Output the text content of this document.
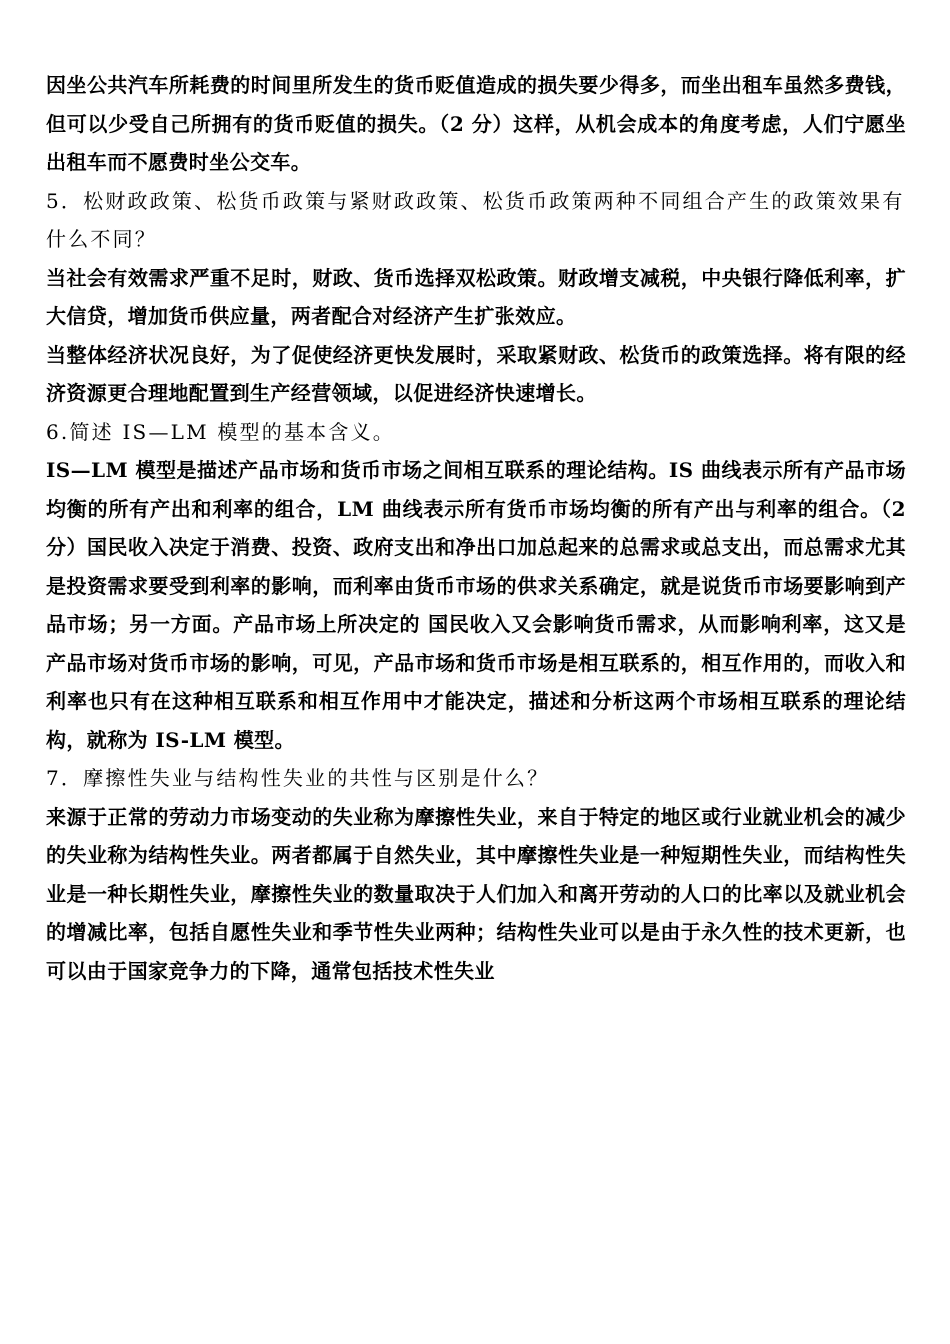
因坐公共汽车所耗费的时间里所发生的货币贬值造成的损失要少得多，而坐出租车虽然多费钱，但可以少受自己所拥有的货币贬值的损失。（2 分）这样，从机会成本的角度考虑，人们宁愿坐出租车而不愿费时坐公交车。

5．松财政政策、松货币政策与紧财政政策、松货币政策两种不同组合产生的政策效果有什么不同？

当社会有效需求严重不足时，财政、货币选择双松政策。财政增支减税，中央银行降低利率，扩大信贷，增加货币供应量，两者配合对经济产生扩张效应。

当整体经济状况良好，为了促使经济更快发展时，采取紧财政、松货币的政策选择。将有限的经济资源更合理地配置到生产经营领域，以促进经济快速增长。

6.简述 IS—LM 模型的基本含义。

IS—LM 模型是描述产品市场和货币市场之间相互联系的理论结构。IS 曲线表示所有产品市场均衡的所有产出和利率的组合，LM 曲线表示所有货币市场均衡的所有产出与利率的组合。（2 分）国民收入决定于消费、投资、政府支出和净出口加总起来的总需求或总支出，而总需求尤其是投资需求要受到利率的影响，而利率由货币市场的供求关系确定，就是说货币市场要影响到产品市场；另一方面。产品市场上所决定的 国民收入又会影响货币需求，从而影响利率，这又是产品市场对货币市场的影响，可见，产品市场和货币市场是相互联系的，相互作用的，而收入和利率也只有在这种相互联系和相互作用中才能决定，描述和分析这两个市场相互联系的理论结构，就称为 IS-LM 模型。

7．摩擦性失业与结构性失业的共性与区别是什么？

来源于正常的劳动力市场变动的失业称为摩擦性失业，来自于特定的地区或行业就业机会的减少的失业称为结构性失业。两者都属于自然失业，其中摩擦性失业是一种短期性失业，而结构性失业是一种长期性失业，摩擦性失业的数量取决于人们加入和离开劳动的人口的比率以及就业机会的增减比率，包括自愿性失业和季节性失业两种；结构性失业可以是由于永久性的技术更新，也可以由于国家竞争力的下降，通常包括技术性失业
